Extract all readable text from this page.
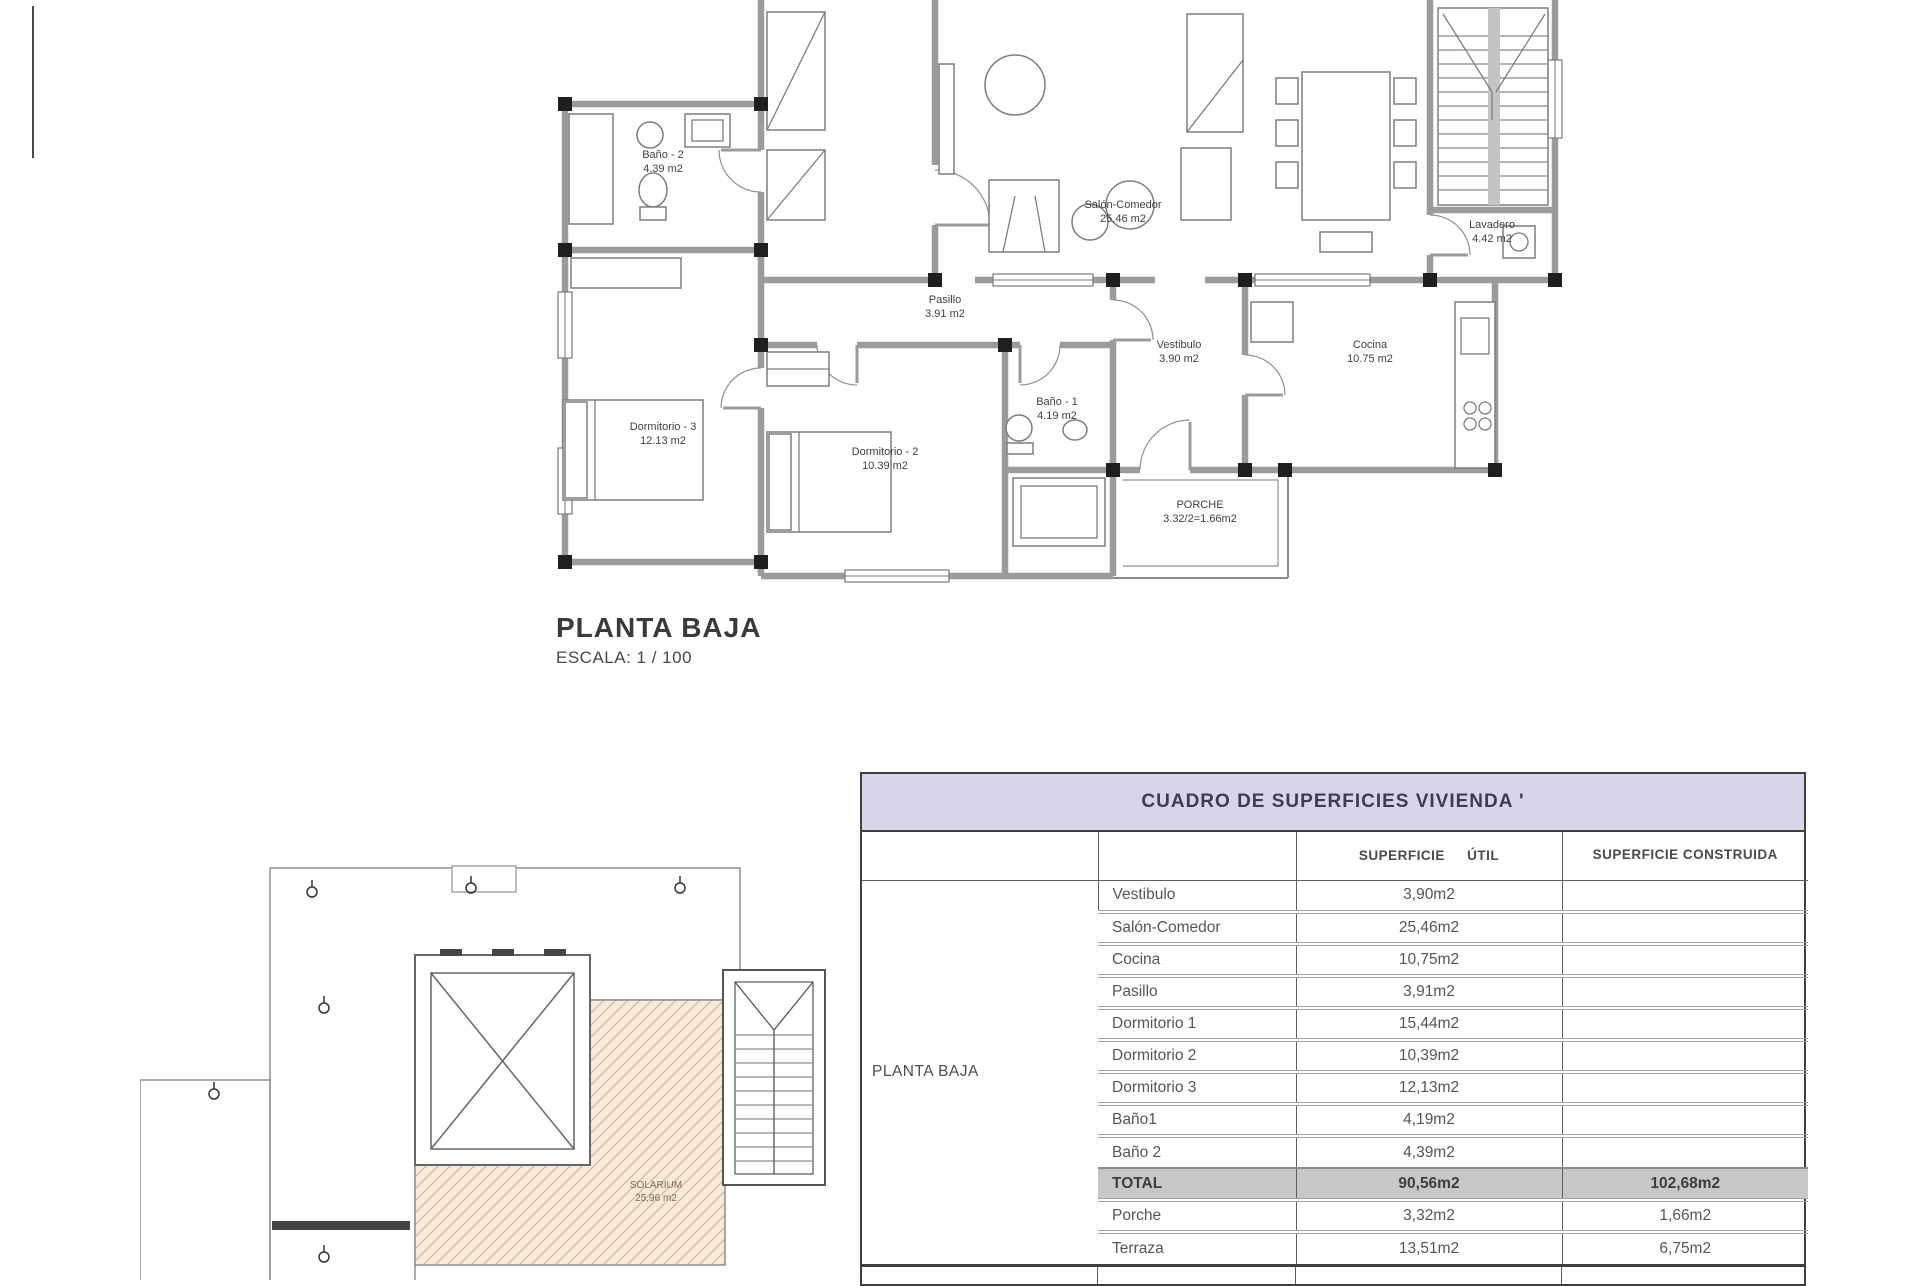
Baño - 2
4.39 m2
Salón-Comedor
25.46 m2	Lavadero
4.42 m2
Pasillo
3.91 m2
Vestibulo
3.90 m2
Cocina
10.75 m2
Dormitorio - 3
12.13 m2
Dormitorio - 2
10.39 m2
Baño - 1
4.19 m2
PORCHE
3.32/2=1.66m2
PLANTA BAJA
ESCALA: 1 / 100
SOLARIUM
25,96 m2
CUADRO DE SUPERFICIES VIVIENDA '
		SUPERFICIE ÚTIL	SUPERFICIE CONSTRUIDA
PLANTA BAJA	Vestibulo	3,90m2	
	Salón-Comedor	25,46m2	
	Cocina	10,75m2	
	Pasillo	3,91m2	
	Dormitorio 1	15,44m2	
	Dormitorio 2	10,39m2	
	Dormitorio 3	12,13m2	
	Baño1	4,19m2	
	Baño 2	4,39m2	
	TOTAL	90,56m2	102,68m2
	Porche	3,32m2	1,66m2
	Terraza	13,51m2	6,75m2
